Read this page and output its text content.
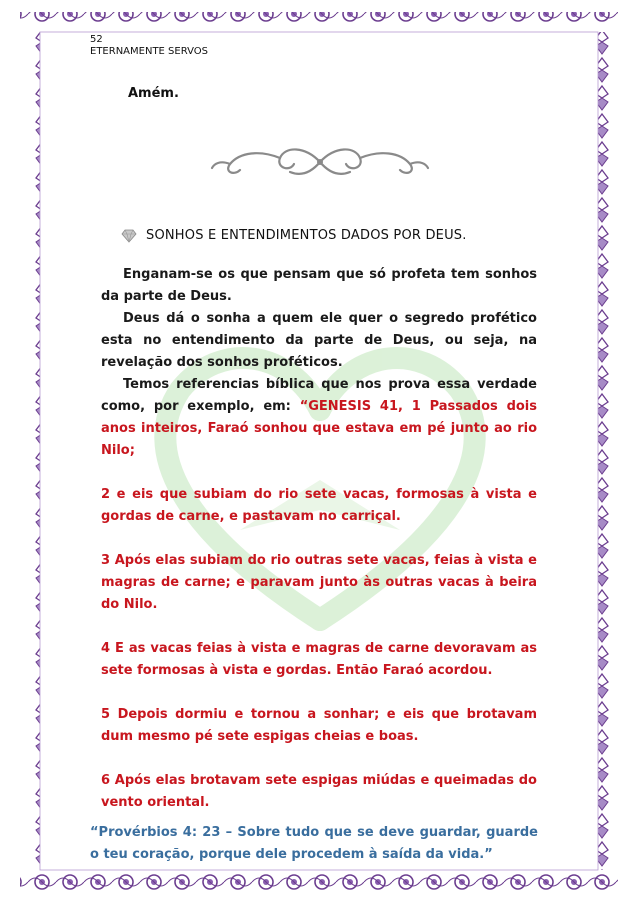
52
ETERNAMENTE SERVOS
Amém.
SONHOS E ENTENDIMENTOS DADOS POR DEUS.

Enganam-se os que pensam que só profeta tem sonhos da parte de Deus.

Deus dá o sonha a quem ele quer o segredo profético esta no entendimento da parte de Deus, ou seja, na revelação dos sonhos proféticos.

Temos referencias bíblica que nos prova essa verdade como, por exemplo, em: “GENESIS 41, 1 Passados dois anos inteiros, Faraó sonhou que estava em pé junto ao rio Nilo;

2 e eis que subiam do rio sete vacas, formosas à vista e gordas de carne, e pastavam no carriçal.

3 Após elas subiam do rio outras sete vacas, feias à vista e magras de carne; e paravam junto às outras vacas à beira do Nilo.

4 E as vacas feias à vista e magras de carne devoravam as sete formosas à vista e gordas. Então Faraó acordou.

5 Depois dormiu e tornou a sonhar; e eis que brotavam dum mesmo pé sete espigas cheias e boas.

6 Após elas brotavam sete espigas miúdas e queimadas do vento oriental.

“Provérbios 4: 23 – Sobre tudo que se deve guardar, guarde o teu coração, porque dele procedem à saída da vida.”
